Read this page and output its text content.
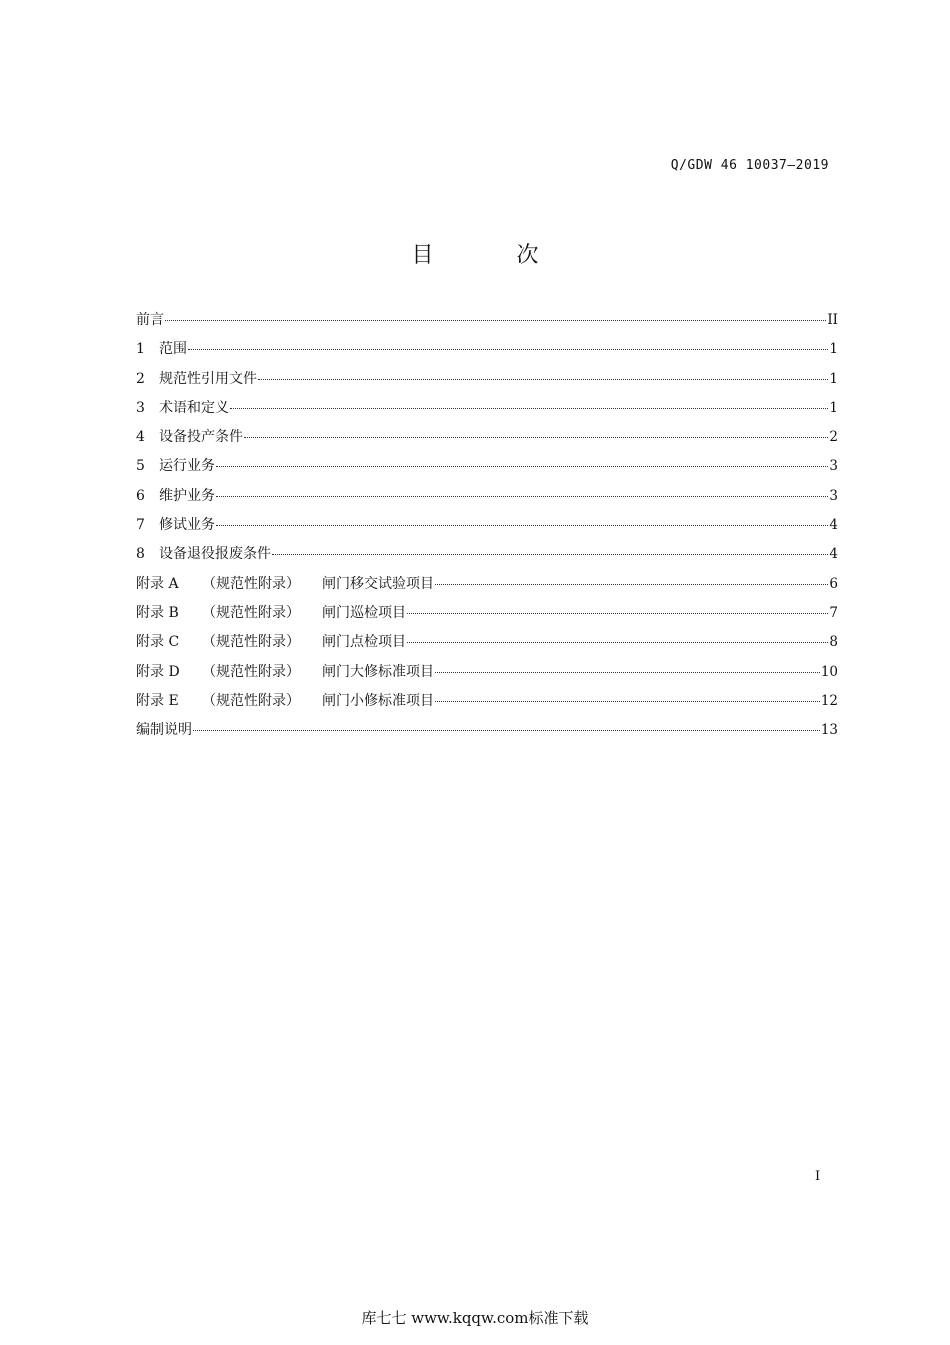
Q/GDW 46 10037—2019
目 次
前言	II
1 范围	1
2 规范性引用文件	1
3 术语和定义	1
4 设备投产条件	2
5 运行业务	3
6 维护业务	3
7 修试业务	4
8 设备退役报废条件	4
附录 A （规范性附录） 闸门移交试验项目	6
附录 B （规范性附录） 闸门巡检项目	7
附录 C （规范性附录） 闸门点检项目	8
附录 D （规范性附录） 闸门大修标准项目	10
附录 E （规范性附录） 闸门小修标准项目	12
编制说明	13
I
库七七 www.kqqw.com标准下载
